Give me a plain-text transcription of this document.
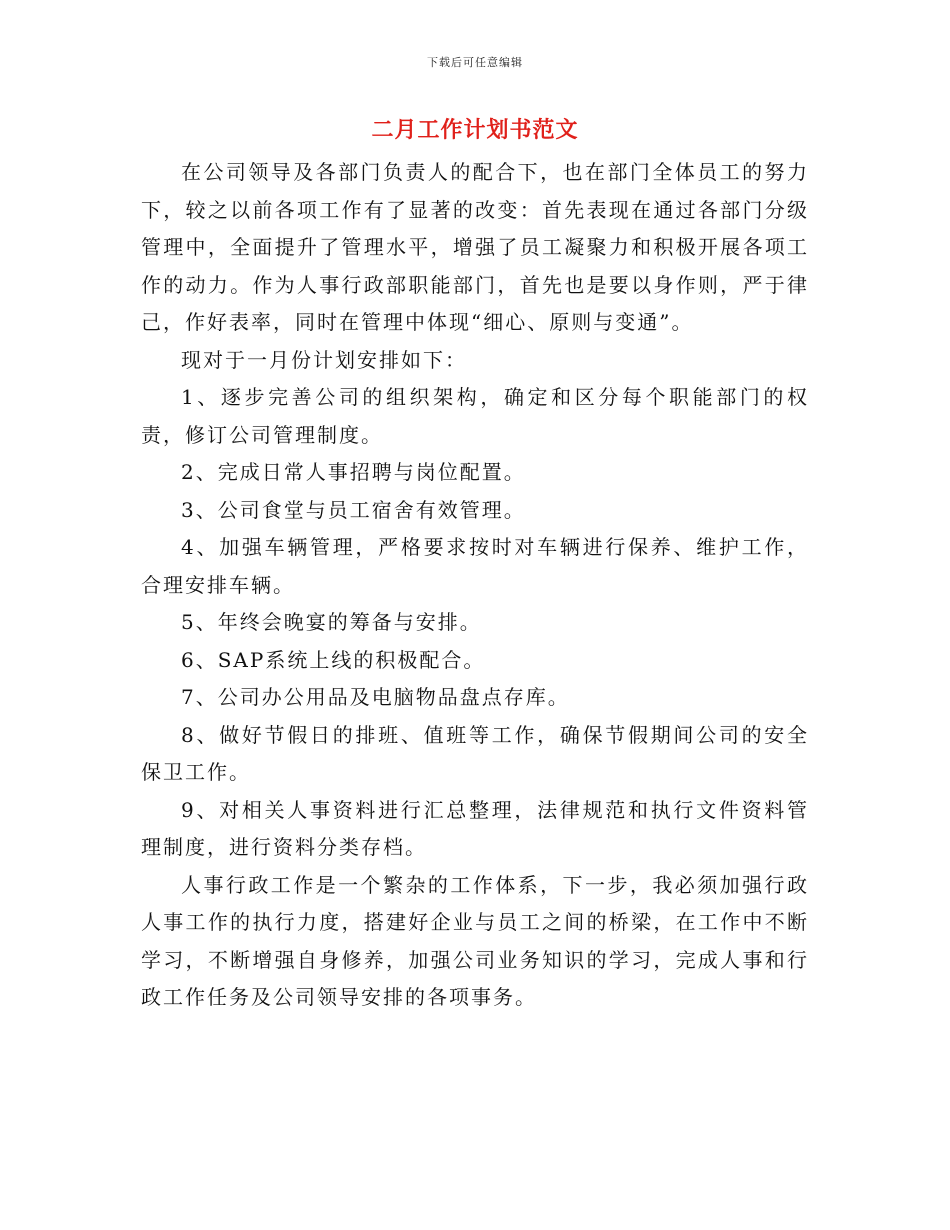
下载后可任意编辑
二月工作计划书范文

在公司领导及各部门负责人的配合下，也在部门全体员工的努力下，较之以前各项工作有了显著的改变：首先表现在通过各部门分级管理中，全面提升了管理水平，增强了员工凝聚力和积极开展各项工作的动力。作为人事行政部职能部门，首先也是要以身作则，严于律己，作好表率，同时在管理中体现“细心、原则与变通”。

现对于一月份计划安排如下：

1、逐步完善公司的组织架构，确定和区分每个职能部门的权责，修订公司管理制度。

2、完成日常人事招聘与岗位配置。

3、公司食堂与员工宿舍有效管理。

4、加强车辆管理，严格要求按时对车辆进行保养、维护工作，合理安排车辆。

5、年终会晚宴的筹备与安排。

6、SAP系统上线的积极配合。

7、公司办公用品及电脑物品盘点存库。

8、做好节假日的排班、值班等工作，确保节假期间公司的安全保卫工作。

9、对相关人事资料进行汇总整理，法律规范和执行文件资料管理制度，进行资料分类存档。

人事行政工作是一个繁杂的工作体系，下一步，我必须加强行政人事工作的执行力度，搭建好企业与员工之间的桥梁，在工作中不断学习，不断增强自身修养，加强公司业务知识的学习，完成人事和行政工作任务及公司领导安排的各项事务。
